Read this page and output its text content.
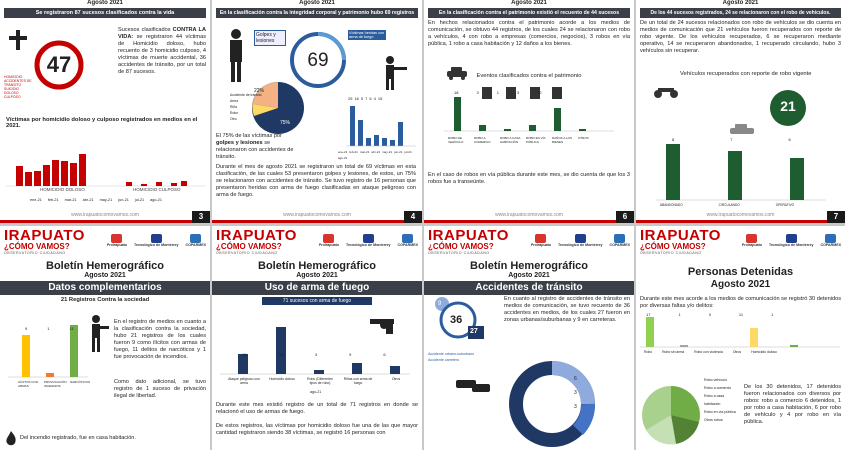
Agosto 2021
Se registraron 87 sucesos clasificados contra la vida
47
HOMICIDIO
ACCIDENTES DE TRÁNSITO
SUICIDIO
DOLOSO
CULPOSO
Sucesos clasificados CONTRA LA VIDA: se registraron 44 víctimas de Homicidio doloso, hubo recuento de 3 homicidio culposo, 4 víctimas de muerte accidental, 36 accidentes de tránsito, por un total de 87 sucesos.
Víctimas por homicidio doloso y culposo registrados en medios en el 2021.
HOMICIDIO DOLOSO	HOMICIDIO CULPOSO
ene-21 feb-21 mar-21 abr-21 may-21 jun-21 jul-21 ago-21
www.irapuatocomovamos.com	3
Agosto 2021
En la clasificación contra la integridad corporal y patrimonio hubo 69 registros
Golpes y lesiones
69
Víctimas heridas con arma de fuego
75%
22%
Accidente de tránsito
Arma
Riña
Robo
Otro
25 16 5 7 5 4 15
ene-21 feb-21 mar-21 abr-21 may-21 jun-21 jul-21
ago-21
El 75% de las víctimas por golpes y lesiones se relacionaron con accidentes de tránsito.
Durante el mes de agosto 2021 se registraron un total de 69 víctimas en esta clasificación, de las cuales 53 presentaron golpes y lesiones, de estos, un 75% se relacionaron con accidentes de tránsito. Se tuvo registro de 16 personas que presentaron heridas con arma de fuego clasificadas en ataque peligroso con arma de fuego.
www.irapuatocomovamos.com	4
Agosto 2021
En la clasificación contra el patrimonio existió el recuento de 44 sucesos
En hechos relacionados contra el patrimonio acorde a los medios de comunicación, se obtuvo 44 registros, de los cuales 24 se relacionaron con robo a vehículos, 4 con robo a empresas (comercios, negocios), 3 robos en vía pública, 1 robo a casa habitación y 12 daños a los bienes.
Eventos clasificados contra el patrimonio
ROBO DE VEHÍCULO
ROBO A COMERCIO
ROBO A CASA HABITACIÓN
ROBO EN VÍA PÚBLICA
DAÑOS A LOS BIENES
OTROS
18	3	1	3	12	1
En el caso de robos en vía pública durante este mes, se dio cuenta de que los 3 robos fue a transeúnte.
www.irapuatocomovamos.com	6
Agosto 2021
De los 44 sucesos registrados, 24 se relacionaron con el robo de vehículos.
De un total de 24 sucesos relacionados con robo de vehículos se dio cuenta en medios de comunicación que 21 vehículos fueron recuperados con reporte de robo vigente. De los vehículos recuperados, 6 se recuperaron mediante operativo, 14 se recuperaron abandonados, 1 recuperado circulando, hubo 3 vehículos sin recuperar.
Vehículos recuperados con reporte de robo vigente
21
8	7	6
ABANDONADO	CIRCULANDO	OPERATIVO
www.irapuatocomovamos.com	7
IRAPUATO
¿CÓMO VAMOS?
OBSERVATORIO CIUDADANO
ProIrapuato Tecnológico de Monterrey COPARMEX
Boletín Hemerográfico
Agosto 2021
Datos complementarios
21 Registros Contra la sociedad
9	1	11
ILÍCITOS CON ARMAS
PROVOCACIÓN INCENDIOS
NARCÓTICOS
En el registro de medios en cuanto a la clasificación contra la sociedad, hubo 21 registros de los cuales fueron 9 como ilícitos con armas de fuego, 11 delitos de narcóticos y 1 fue provocación de incendios.
Como dato adicional, se tuvo registro de 1 suceso de privación ilegal de libertad.
Del incendio registrado, fue en casa habitación.
IRAPUATO
¿CÓMO VAMOS?
OBSERVATORIO CIUDADANO
ProIrapuato Tecnológico de Monterrey COPARMEX
Boletín Hemerográfico
Agosto 2021
Uso de arma de fuego
71 sucesos con arma de fuego
16	38	3	9	6
Ataque peligroso con arma
Homicidio doloso	Robo (Diferentes tipos de robo)
Riñas con arma de fuego
Otros
ago-21
Durante este mes existió registro de un total de 71 registros en donde se relacionó el uso de armas de fuego.
De estos registros, las víctimas por homicidio doloso fue una de las que mayor cantidad registraron siendo 38 víctimas, se registró 16 personas con
IRAPUATO
¿CÓMO VAMOS?
OBSERVATORIO CIUDADANO
ProIrapuato Tecnológico de Monterrey COPARMEX
Boletín Hemerográfico
Agosto 2021
Accidentes de tránsito
9
36
27
Accidente urbano-suburbano
Accidente carretero
En cuanto al registro de accidentes de tránsito en medios de comunicación, se tuvo recuento de 36 accidentes en medios, de los cuales 27 fueron en zonas urbanas/suburbanas y 9 en carreteras.
6
3
3
IRAPUATO
¿CÓMO VAMOS?
OBSERVATORIO CIUDADANO
ProIrapuato Tecnológico de Monterrey COPARMEX
Personas Detenidas
Agosto 2021
Durante este mes acorde a los medios de comunicación se registró 30 detenidos por diversas faltas y/o delitos:
17	1	0	11	1
Robo	Robo sin arma	Robo con violencia	Otros	Homicidio doloso
Robo vehículo
Robo a comercio
Robo a casa habitación
Robo en vía pública
Otros robos
De los 30 detenidos, 17 detenidos fueron relacionados con diversos por robos: robo a comercio 6 detenidos, 1 por robo a casa habitación, 6 por robo de vehículo y 4 por robo en vía pública.
